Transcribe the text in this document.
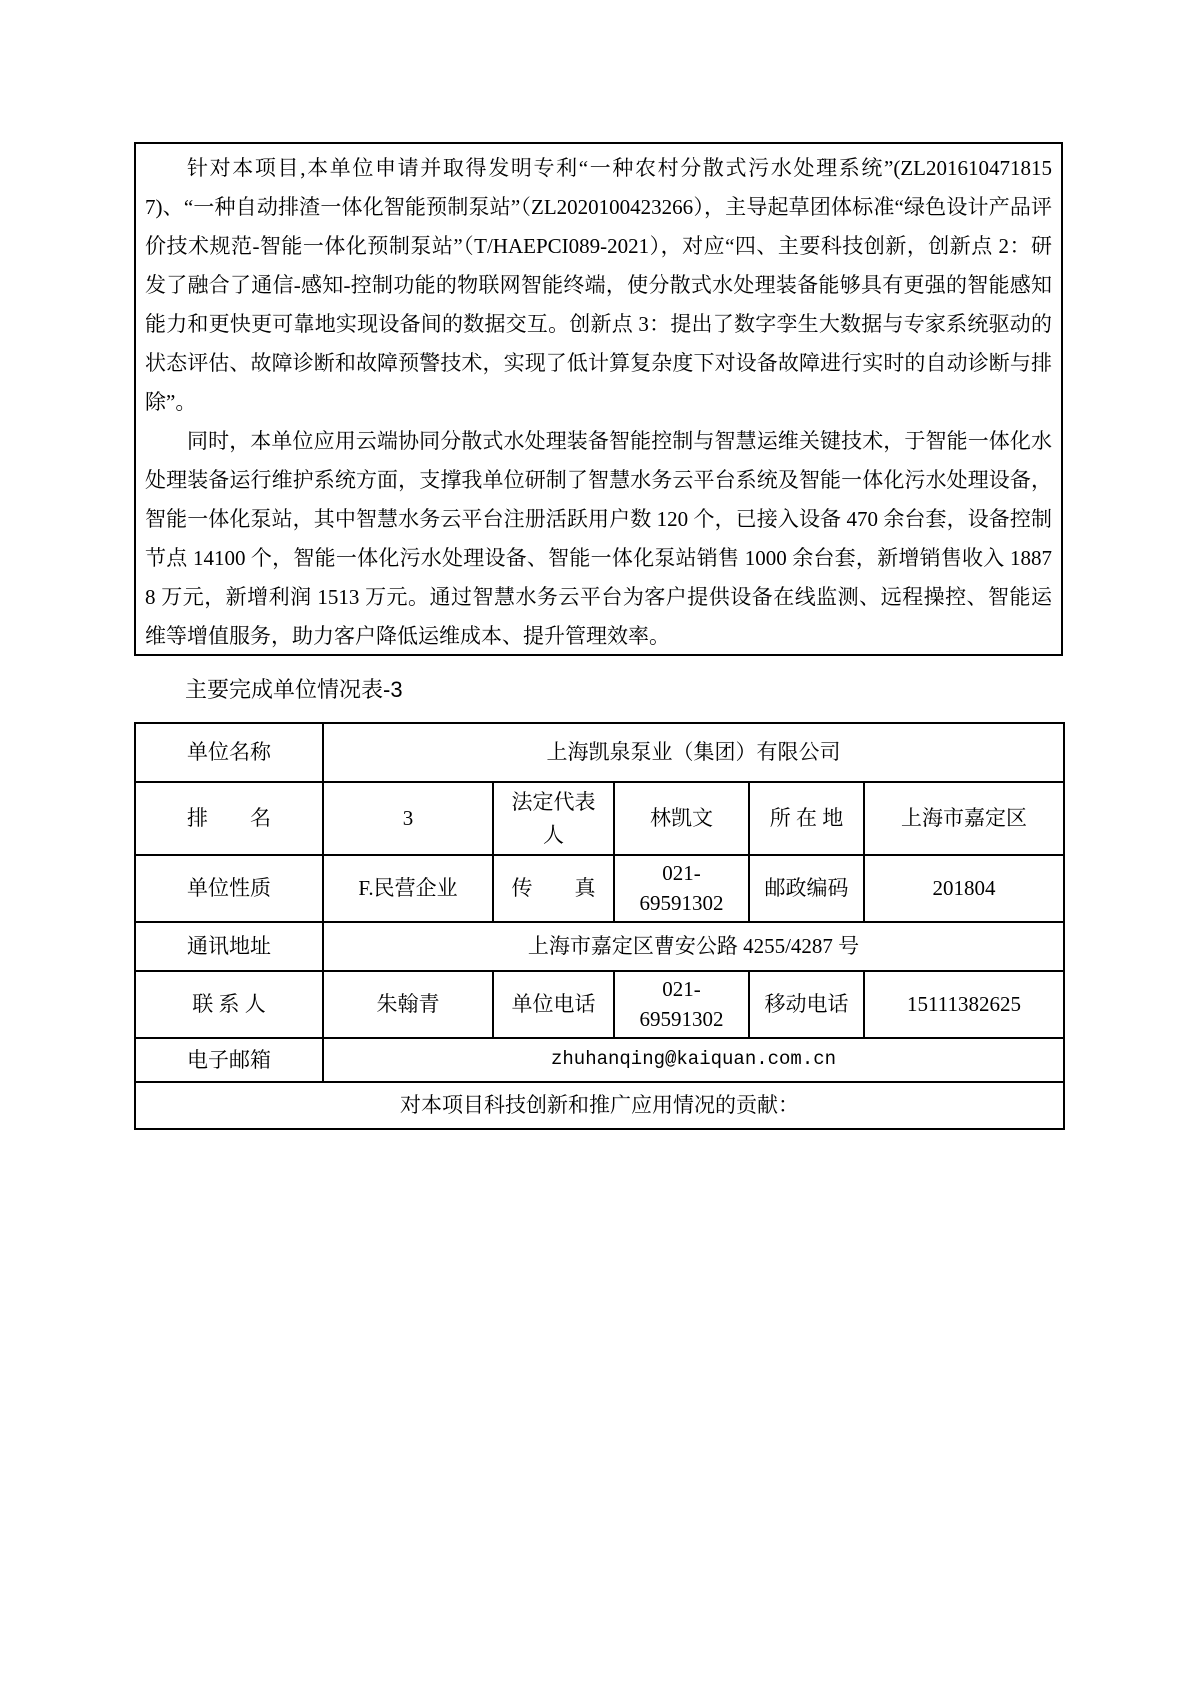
针对本项目,本单位申请并取得发明专利“一种农村分散式污水处理系统”(ZL2016104718157)、“一种自动排渣一体化智能预制泵站”（ZL2020100423266），主导起草团体标准“绿色设计产品评价技术规范-智能一体化预制泵站”（T/HAEPCI089-2021），对应“四、主要科技创新，创新点 2：研发了融合了通信-感知-控制功能的物联网智能终端，使分散式水处理装备能够具有更强的智能感知能力和更快更可靠地实现设备间的数据交互。创新点 3：提出了数字孪生大数据与专家系统驱动的状态评估、故障诊断和故障预警技术，实现了低计算复杂度下对设备故障进行实时的自动诊断与排除”。

同时，本单位应用云端协同分散式水处理装备智能控制与智慧运维关键技术，于智能一体化水处理装备运行维护系统方面，支撑我单位研制了智慧水务云平台系统及智能一体化污水处理设备，智能一体化泵站，其中智慧水务云平台注册活跃用户数 120 个，已接入设备 470 余台套，设备控制节点 14100 个，智能一体化污水处理设备、智能一体化泵站销售 1000 余台套，新增销售收入 18878 万元，新增利润 1513 万元。通过智慧水务云平台为客户提供设备在线监测、远程操控、智能运维等增值服务，助力客户降低运维成本、提升管理效率。

主要完成单位情况表-3
单位名称	上海凯泉泵业（集团）有限公司				
排　　名	3	法定代表人	林凯文	所 在 地	上海市嘉定区
单位性质	F.民营企业	传　　真	021-69591302	邮政编码	201804
通讯地址	上海市嘉定区曹安公路 4255/4287 号				
联 系 人	朱翰青	单位电话	021-69591302	移动电话	15111382625
电子邮箱	zhuhanqing@kaiquan.com.cn				
对本项目科技创新和推广应用情况的贡献：					
